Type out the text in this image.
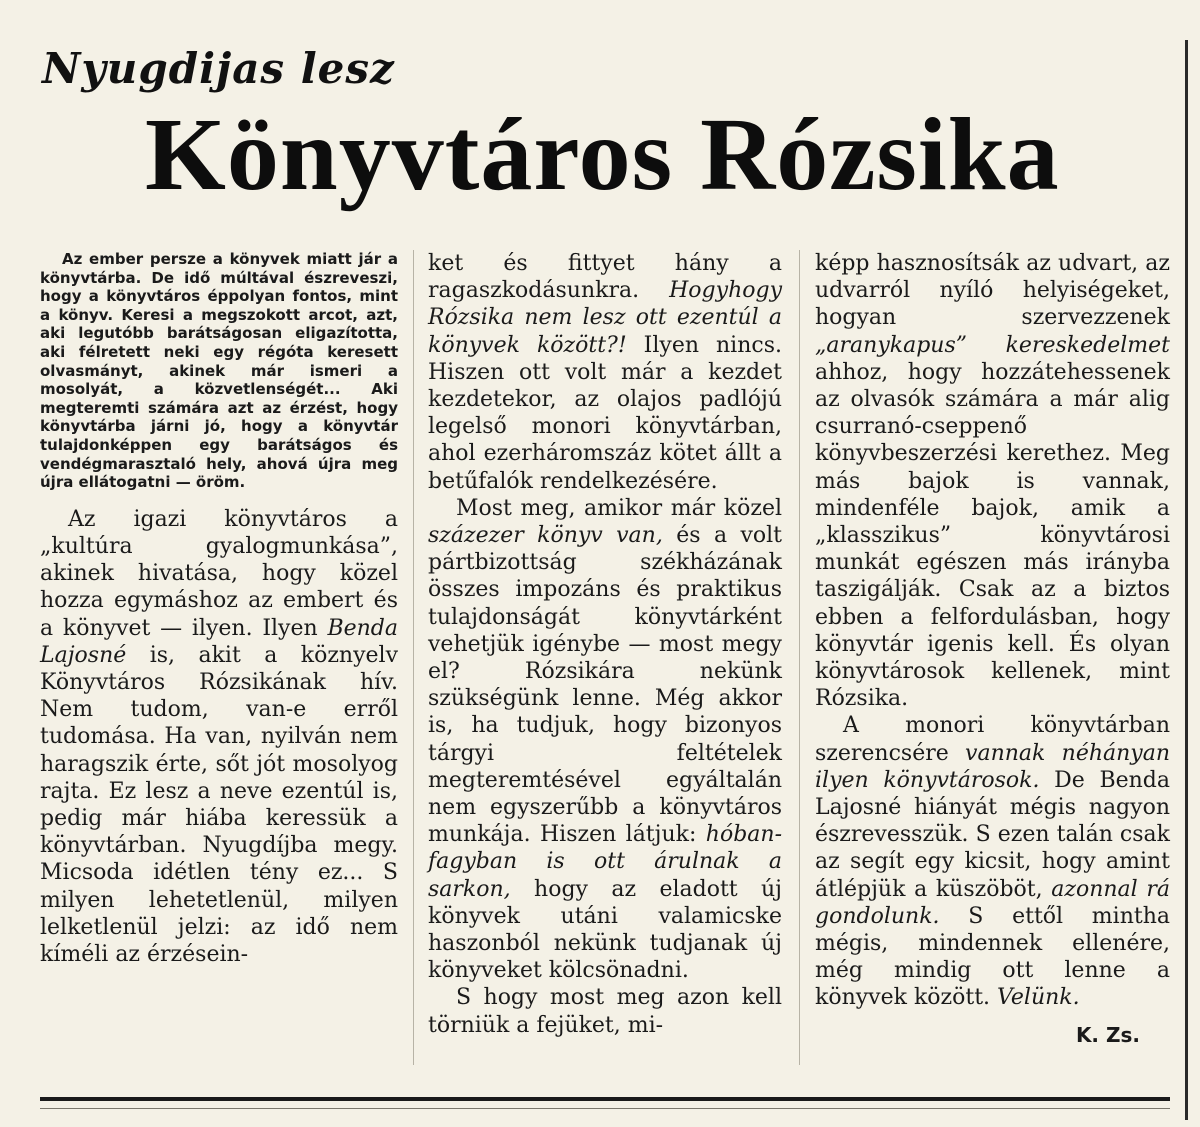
Nyugdijas lesz
Könyvtáros Rózsika

Az ember persze a könyvek miatt jár a könyvtárba. De idő múltával észreveszi, hogy a könyvtáros éppolyan fontos, mint a könyv. Keresi a megszokott arcot, azt, aki legutóbb barátságosan eligazította, aki félretett neki egy régóta keresett olvasmányt, akinek már ismeri a mosolyát, a közvetlenségét... Aki megteremti számára azt az érzést, hogy könyvtárba járni jó, hogy a könyvtár tulajdonképpen egy barátságos és vendégmarasztaló hely, ahová újra meg újra ellátogatni — öröm.

Az igazi könyvtáros a „kultúra gyalogmunkása”, akinek hivatása, hogy közel hozza egymáshoz az embert és a könyvet — ilyen. Ilyen Benda Lajosné is, akit a köznyelv Könyvtáros Rózsikának hív. Nem tudom, van-e erről tudomása. Ha van, nyilván nem haragszik érte, sőt jót mosolyog rajta. Ez lesz a neve ezentúl is, pedig már hiába keressük a könyvtárban. Nyugdíjba megy. Micsoda idétlen tény ez... S milyen lehetetlenül, milyen lelketlenül jelzi: az idő nem kíméli az érzésein-

ket és fittyet hány a ragaszkodásunkra. Hogyhogy Rózsika nem lesz ott ezentúl a könyvek között?! Ilyen nincs. Hiszen ott volt már a kezdet kezdetekor, az olajos padlójú legelső monori könyvtárban, ahol ezerháromszáz kötet állt a betűfalók rendelkezésére.

Most meg, amikor már közel százezer könyv van, és a volt pártbizottság székházának összes impozáns és praktikus tulajdonságát könyvtárként vehetjük igénybe — most megy el? Rózsikára nekünk szükségünk lenne. Még akkor is, ha tudjuk, hogy bizonyos tárgyi feltételek megteremtésével egyáltalán nem egyszerűbb a könyvtáros munkája. Hiszen látjuk: hóban-fagyban is ott árulnak a sarkon, hogy az eladott új könyvek utáni valamicske haszonból nekünk tudjanak új könyveket kölcsönadni.

S hogy most meg azon kell törniük a fejüket, mi-

képp hasznosítsák az udvart, az udvarról nyíló helyiségeket, hogyan szervezzenek „aranykapus” kereskedelmet ahhoz, hogy hozzátehessenek az olvasók számára a már alig csurranó-cseppenő könyvbeszerzési kerethez. Meg más bajok is vannak, mindenféle bajok, amik a „klasszikus” könyvtárosi munkát egészen más irányba taszigálják. Csak az a biztos ebben a felfordulásban, hogy könyvtár igenis kell. És olyan könyvtárosok kellenek, mint Rózsika.

A monori könyvtárban szerencsére vannak néhányan ilyen könyvtárosok. De Benda Lajosné hiányát mégis nagyon észrevesszük. S ezen talán csak az segít egy kicsit, hogy amint átlépjük a küszöböt, azonnal rá gondolunk. S ettől mintha mégis, mindennek ellenére, még mindig ott lenne a könyvek között. Velünk.

K. Zs.
